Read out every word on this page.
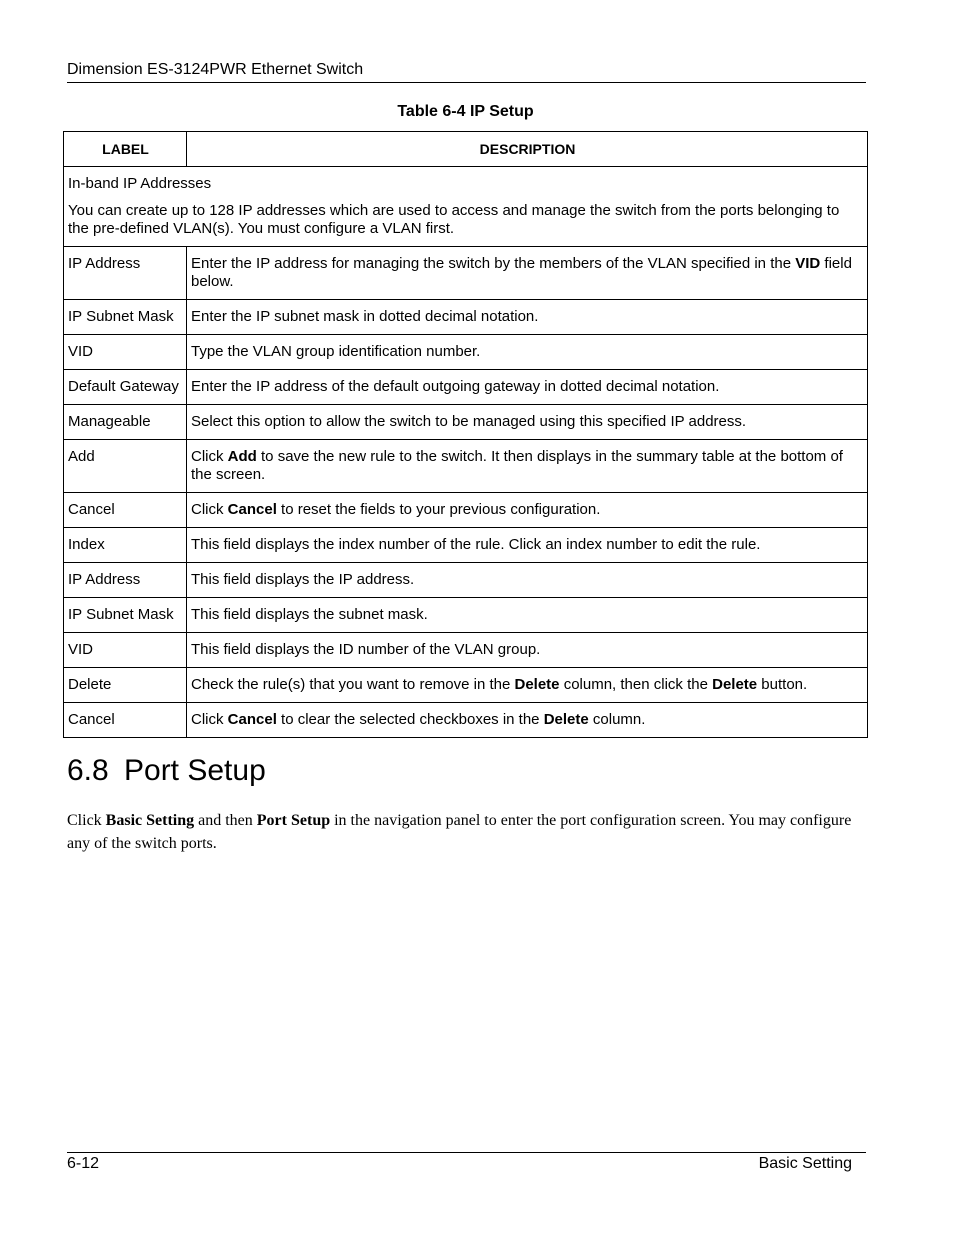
Dimension ES-3124PWR Ethernet Switch
Table 6-4 IP Setup
LABEL	DESCRIPTION

In-band IP Addresses

You can create up to 128 IP addresses which are used to access and manage the switch from the ports belonging to the pre-defined VLAN(s). You must configure a VLAN first.	

IP Address	Enter the IP address for managing the switch by the members of the VLAN specified in the VID field below.
IP Subnet Mask	Enter the IP subnet mask in dotted decimal notation.
VID	Type the VLAN group identification number.
Default Gateway	Enter the IP address of the default outgoing gateway in dotted decimal notation.
Manageable	Select this option to allow the switch to be managed using this specified IP address.
Add	Click Add to save the new rule to the switch. It then displays in the summary table at the bottom of the screen.
Cancel	Click Cancel to reset the fields to your previous configuration.
Index	This field displays the index number of the rule. Click an index number to edit the rule.
IP Address	This field displays the IP address.
IP Subnet Mask	This field displays the subnet mask.
VID	This field displays the ID number of the VLAN group.
Delete	Check the rule(s) that you want to remove in the Delete column, then click the Delete button.
Cancel	Click Cancel to clear the selected checkboxes in the Delete column.
6.8 Port Setup

Click Basic Setting and then Port Setup in the navigation panel to enter the port configuration screen. You may configure any of the switch ports.

6-12	Basic Setting
